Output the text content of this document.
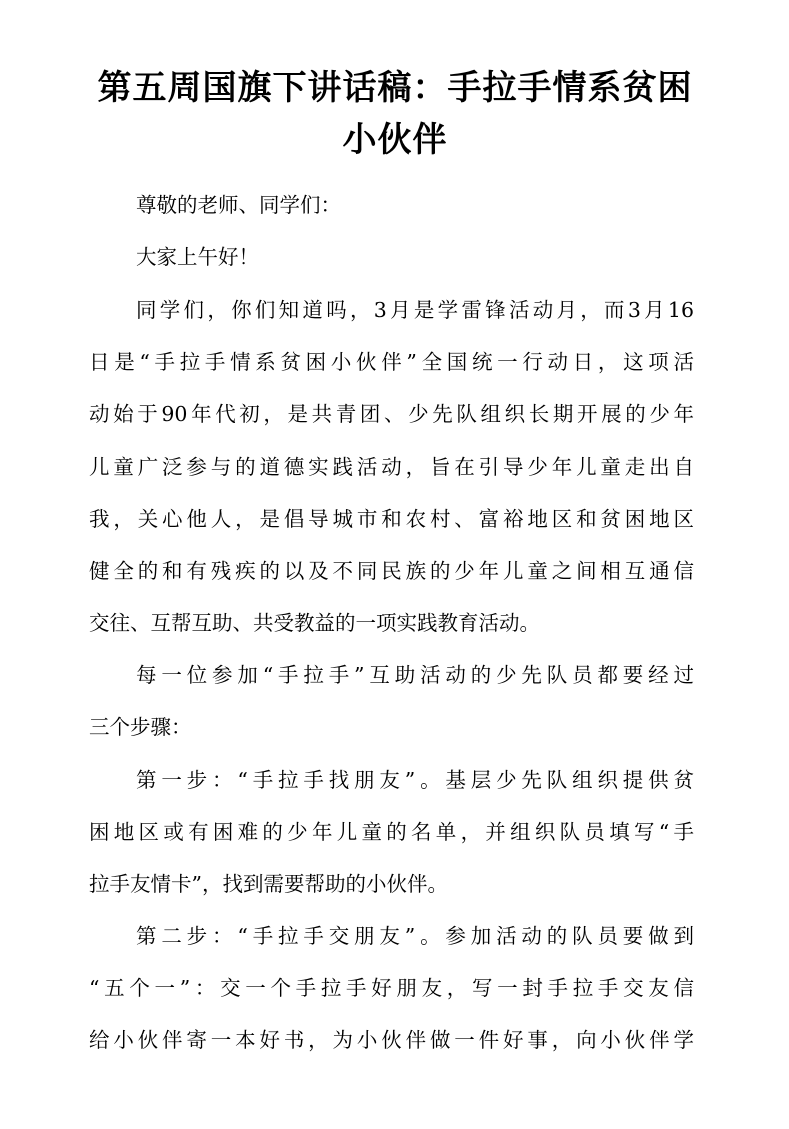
第五周国旗下讲话稿：手拉手情系贫困
小伙伴

尊敬的老师、同学们：

大家上午好！

同学们，你们知道吗，3月是学雷锋活动月，而3月16

日是“手拉手情系贫困小伙伴”全国统一行动日，这项活

动始于90年代初，是共青团、少先队组织长期开展的少年

儿童广泛参与的道德实践活动，旨在引导少年儿童走出自

我，关心他人，是倡导城市和农村、富裕地区和贫困地区

健全的和有残疾的以及不同民族的少年儿童之间相互通信

交往、互帮互助、共受教益的一项实践教育活动。

每一位参加“手拉手”互助活动的少先队员都要经过

三个步骤：

第一步：“手拉手找朋友”。基层少先队组织提供贫

困地区或有困难的少年儿童的名单，并组织队员填写“手

拉手友情卡”，找到需要帮助的小伙伴。

第二步：“手拉手交朋友”。参加活动的队员要做到

“五个一”：交一个手拉手好朋友，写一封手拉手交友信

给小伙伴寄一本好书，为小伙伴做一件好事，向小伙伴学
